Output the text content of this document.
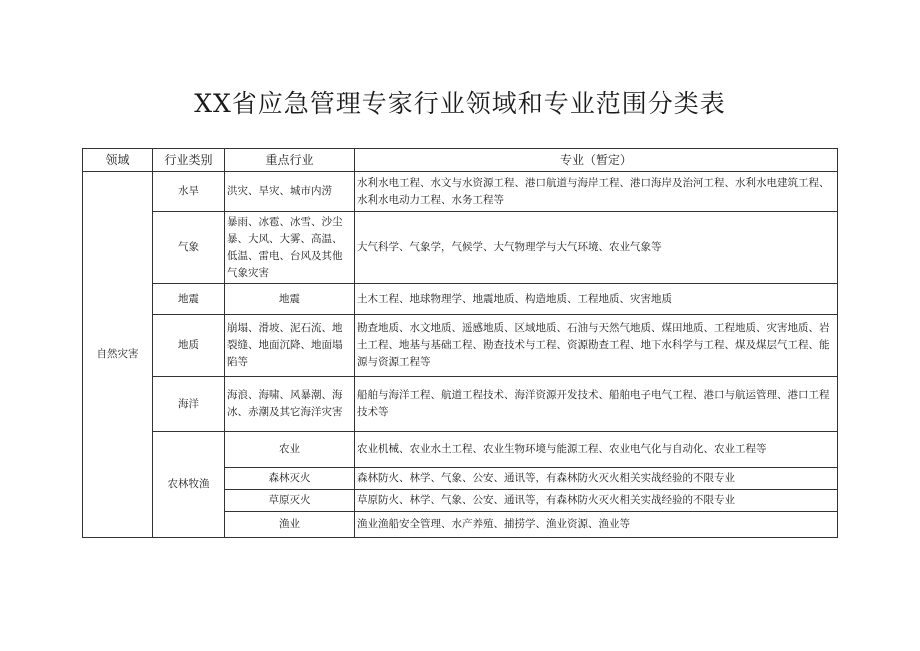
XX省应急管理专家行业领域和专业范围分类表
领域	行业类别	重点行业	专业（暂定）
自然灾害	水旱	洪灾、旱灾、城市内涝	水利水电工程、水文与水资源工程、港口航道与海岸工程、港口海岸及治河工程、水利水电建筑工程、水利水电动力工程、水务工程等
	气象	暴雨、冰雹、冰雪、沙尘暴、大风、大雾、高温、低温、雷电、台风及其他气象灾害	大气科学、气象学，气候学、大气物理学与大气环境、农业气象等
	地震	地震	土木工程、地球物理学、地震地质、构造地质、工程地质、灾害地质
	地质	崩塌、滑坡、泥石流、地裂缝、地面沉降、地面塌陷等	勘查地质、水文地质、遥感地质、区域地质、石油与天然气地质、煤田地质、工程地质、灾害地质、岩土工程、地基与基础工程、勘查技术与工程、资源勘查工程、地下水科学与工程、煤及煤层气工程、能源与资源工程等
	海洋	海浪、海啸、风暴潮、海冰、赤潮及其它海洋灾害	船舶与海洋工程、航道工程技术、海洋资源开发技术、船舶电子电气工程、港口与航运管理、港口工程技术等
	农林牧渔	农业	农业机械、农业水土工程、农业生物环境与能源工程、农业电气化与自动化、农业工程等
		森林灭火	森林防火、林学、气象、公安、通讯等，有森林防火灭火相关实战经验的不限专业
		草原灭火	草原防火、林学、气象、公安、通讯等，有森林防火灭火相关实战经验的不限专业
		渔业	渔业渔船安全管理、水产养殖、捕捞学、渔业资源、渔业等
